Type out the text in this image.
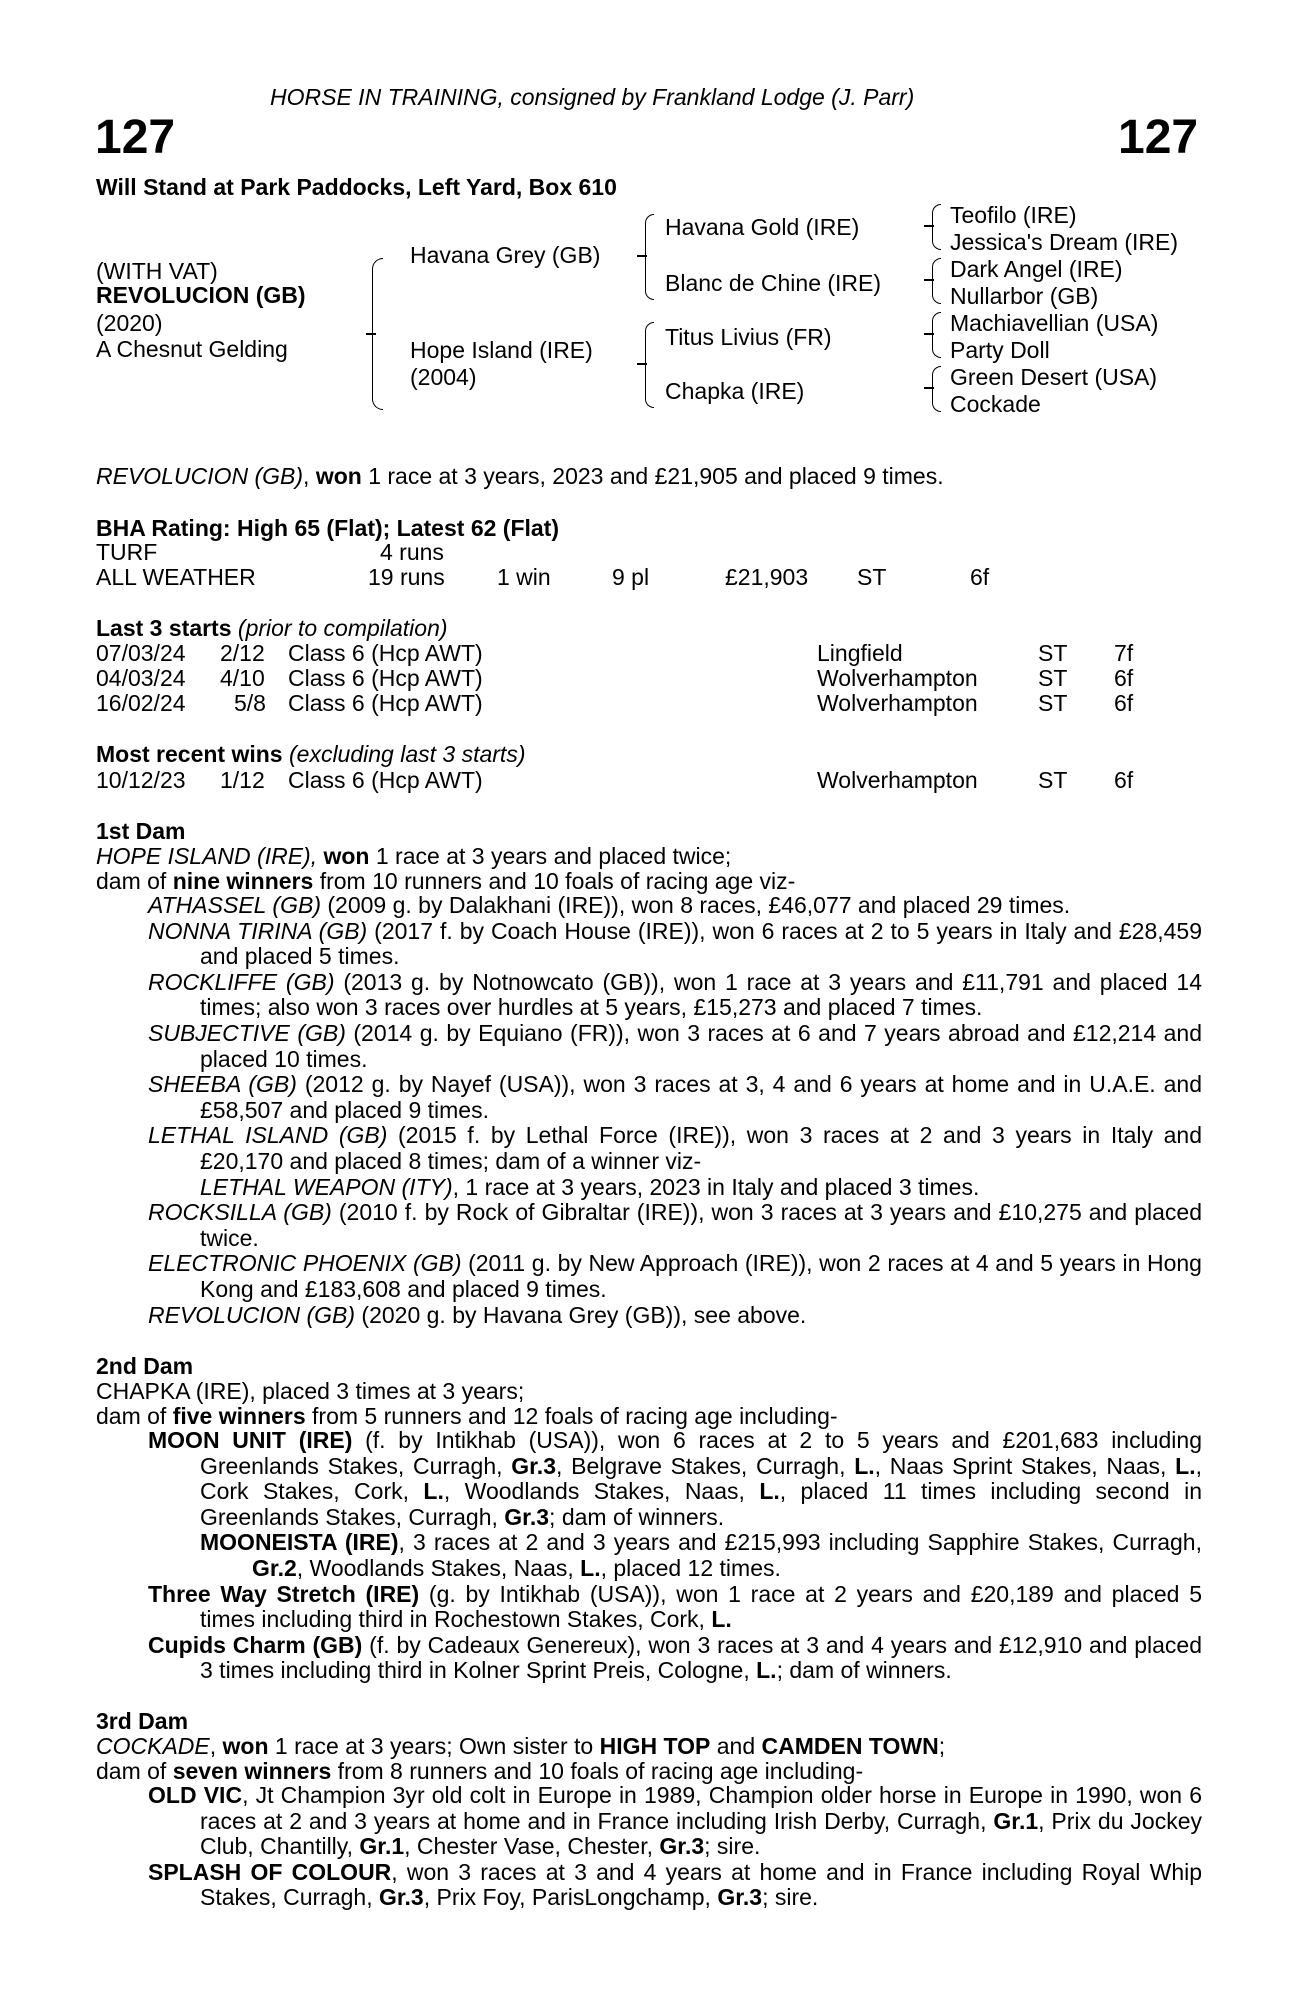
HORSE IN TRAINING, consigned by Frankland Lodge (J. Parr)
127	127
Will Stand at Park Paddocks, Left Yard, Box 610
(WITH VAT)
REVOLUCION (GB)
(2020)
A Chesnut Gelding
Havana Grey (GB)
Hope Island (IRE)
(2004)
Havana Gold (IRE)
Blanc de Chine (IRE)
Titus Livius (FR)
Chapka (IRE)
Teofilo (IRE)
Jessica's Dream (IRE)
Dark Angel (IRE)
Nullarbor (GB)
Machiavellian (USA)
Party Doll
Green Desert (USA)
Cockade
REVOLUCION (GB), won 1 race at 3 years, 2023 and £21,905 and placed 9 times.
BHA Rating: High 65 (Flat); Latest 62 (Flat)
TURF	4 runs
ALL WEATHER	19 runs 1 win	9 pl	£21,903 ST	6f
Last 3 starts (prior to compilation)
07/03/24 2/12 Class 6 (Hcp AWT)	Lingfield	ST 7f
04/03/24 4/10 Class 6 (Hcp AWT)	Wolverhampton	ST 6f
16/02/24 5/8 Class 6 (Hcp AWT)	Wolverhampton	ST 6f
Most recent wins (excluding last 3 starts)
10/12/23 1/12 Class 6 (Hcp AWT)	Wolverhampton	ST 6f
1st Dam
HOPE ISLAND (IRE), won 1 race at 3 years and placed twice;
dam of nine winners from 10 runners and 10 foals of racing age viz-
ATHASSEL (GB) (2009 g. by Dalakhani (IRE)), won 8 races, £46,077 and placed 29 times.
NONNA TIRINA (GB) (2017 f. by Coach House (IRE)), won 6 races at 2 to 5 years in Italy and £28,459 and placed 5 times.
ROCKLIFFE (GB) (2013 g. by Notnowcato (GB)), won 1 race at 3 years and £11,791 and placed 14 times; also won 3 races over hurdles at 5 years, £15,273 and placed 7 times.
SUBJECTIVE (GB) (2014 g. by Equiano (FR)), won 3 races at 6 and 7 years abroad and £12,214 and placed 10 times.
SHEEBA (GB) (2012 g. by Nayef (USA)), won 3 races at 3, 4 and 6 years at home and in U.A.E. and £58,507 and placed 9 times.
LETHAL ISLAND (GB) (2015 f. by Lethal Force (IRE)), won 3 races at 2 and 3 years in Italy and £20,170 and placed 8 times; dam of a winner viz-
LETHAL WEAPON (ITY), 1 race at 3 years, 2023 in Italy and placed 3 times.
ROCKSILLA (GB) (2010 f. by Rock of Gibraltar (IRE)), won 3 races at 3 years and £10,275 and placed twice.
ELECTRONIC PHOENIX (GB) (2011 g. by New Approach (IRE)), won 2 races at 4 and 5 years in Hong Kong and £183,608 and placed 9 times.
REVOLUCION (GB) (2020 g. by Havana Grey (GB)), see above.
2nd Dam
CHAPKA (IRE), placed 3 times at 3 years;
dam of five winners from 5 runners and 12 foals of racing age including-
MOON UNIT (IRE) (f. by Intikhab (USA)), won 6 races at 2 to 5 years and £201,683 including Greenlands Stakes, Curragh, Gr.3, Belgrave Stakes, Curragh, L., Naas Sprint Stakes, Naas, L., Cork Stakes, Cork, L., Woodlands Stakes, Naas, L., placed 11 times including second in Greenlands Stakes, Curragh, Gr.3; dam of winners.
MOONEISTA (IRE), 3 races at 2 and 3 years and £215,993 including Sapphire Stakes, Curragh, Gr.2, Woodlands Stakes, Naas, L., placed 12 times.
Three Way Stretch (IRE) (g. by Intikhab (USA)), won 1 race at 2 years and £20,189 and placed 5 times including third in Rochestown Stakes, Cork, L.
Cupids Charm (GB) (f. by Cadeaux Genereux), won 3 races at 3 and 4 years and £12,910 and placed 3 times including third in Kolner Sprint Preis, Cologne, L.; dam of winners.
3rd Dam
COCKADE, won 1 race at 3 years; Own sister to HIGH TOP and CAMDEN TOWN;
dam of seven winners from 8 runners and 10 foals of racing age including-
OLD VIC, Jt Champion 3yr old colt in Europe in 1989, Champion older horse in Europe in 1990, won 6 races at 2 and 3 years at home and in France including Irish Derby, Curragh, Gr.1, Prix du Jockey Club, Chantilly, Gr.1, Chester Vase, Chester, Gr.3; sire.
SPLASH OF COLOUR, won 3 races at 3 and 4 years at home and in France including Royal Whip Stakes, Curragh, Gr.3, Prix Foy, ParisLongchamp, Gr.3; sire.
